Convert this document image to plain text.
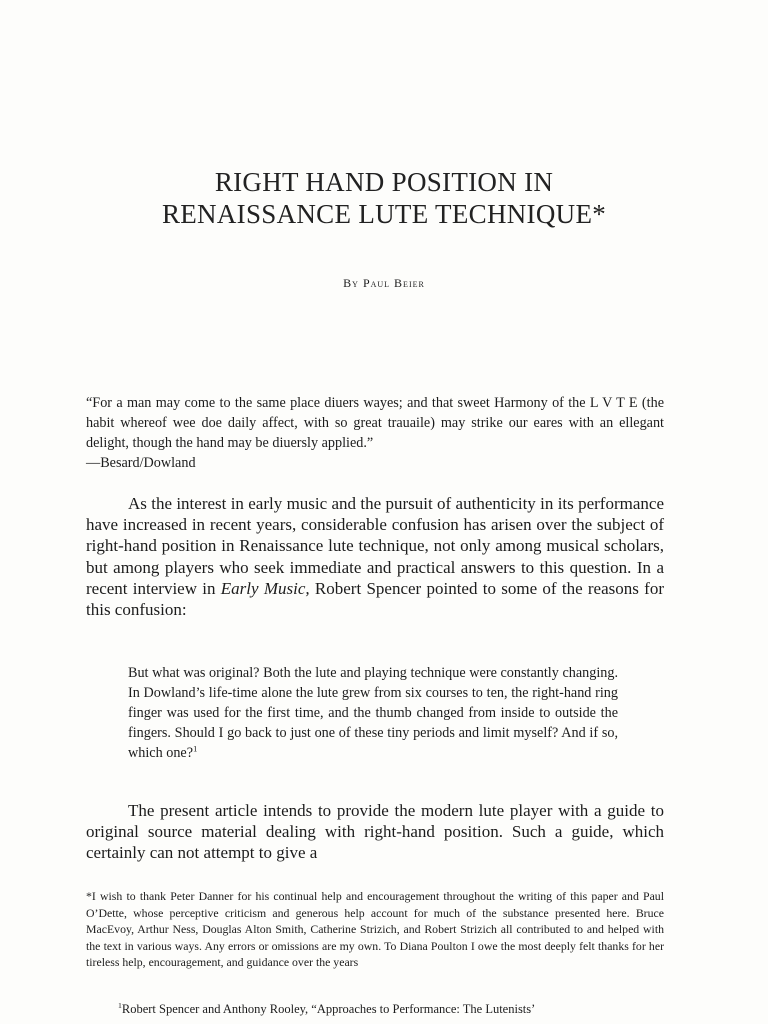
RIGHT HAND POSITION IN
RENAISSANCE LUTE TECHNIQUE*
By Paul Beier
“For a man may come to the same place diuers wayes; and that sweet Harmony of the L V T E (the habit whereof wee doe daily affect, with so great trauaile) may strike our eares with an ellegant delight, though the hand may be diuersly applied.”
—Besard/Dowland
As the interest in early music and the pursuit of authenticity in its performance have increased in recent years, considerable confusion has arisen over the subject of right-hand position in Renaissance lute technique, not only among musical scholars, but among players who seek immediate and practical answers to this question. In a recent interview in Early Music, Robert Spencer pointed to some of the reasons for this confusion:
But what was original? Both the lute and playing technique were constantly changing. In Dowland’s life-time alone the lute grew from six courses to ten, the right-hand ring finger was used for the first time, and the thumb changed from inside to outside the fingers. Should I go back to just one of these tiny periods and limit myself? And if so, which one?$^1$
The present article intends to provide the modern lute player with a guide to original source material dealing with right-hand position. Such a guide, which certainly can not attempt to give a
*I wish to thank Peter Danner for his continual help and encouragement throughout the writing of this paper and Paul O’Dette, whose perceptive criticism and generous help account for much of the substance presented here. Bruce MacEvoy, Arthur Ness, Douglas Alton Smith, Catherine Strizich, and Robert Strizich all contributed to and helped with the text in various ways. Any errors or omissions are my own. To Diana Poulton I owe the most deeply felt thanks for her tireless help, encouragement, and guidance over the years
$^1$Robert Spencer and Anthony Rooley, “Approaches to Performance: The Lutenists’
